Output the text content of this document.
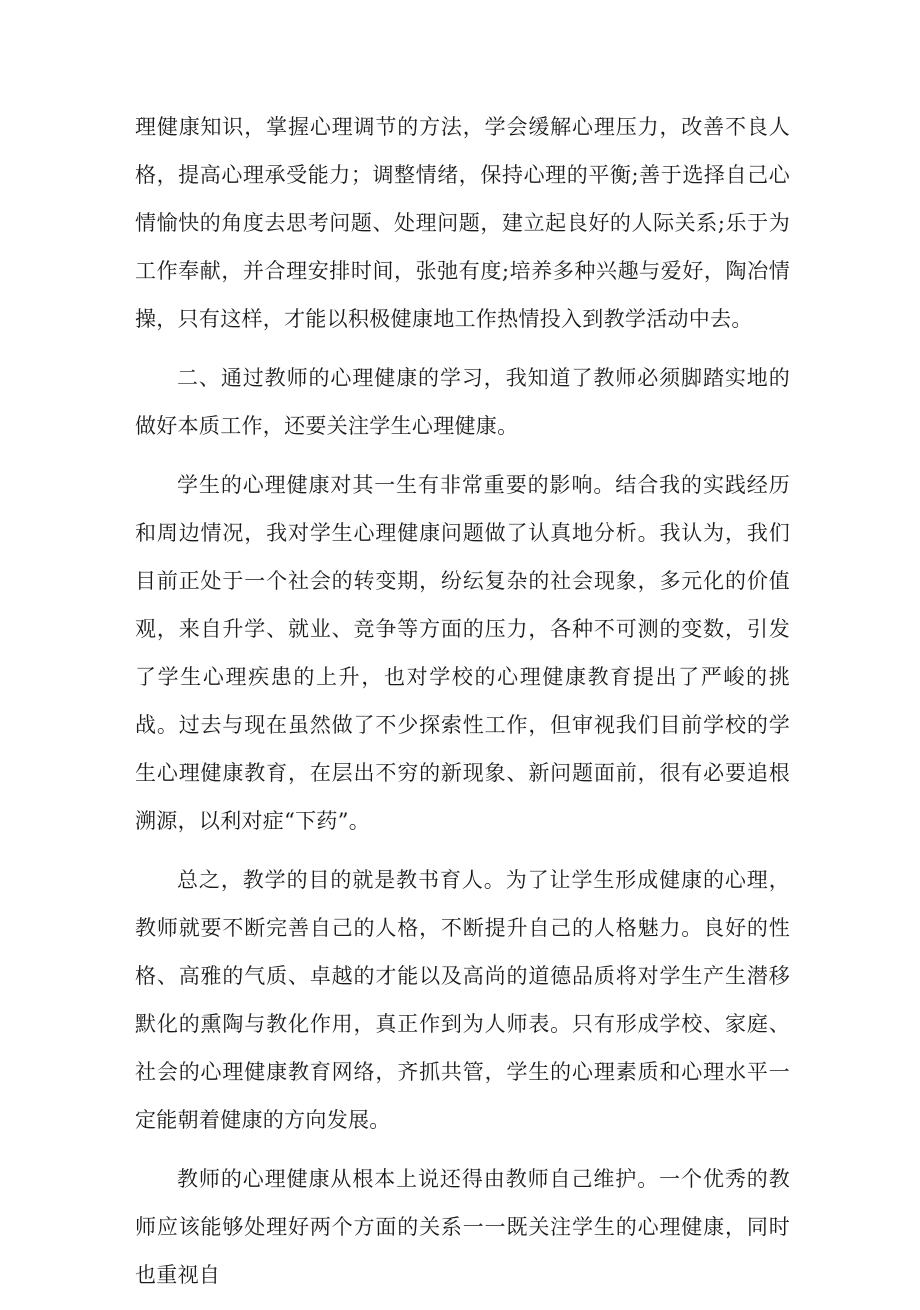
理健康知识，掌握心理调节的方法，学会缓解心理压力，改善不良人格，提高心理承受能力；调整情绪，保持心理的平衡;善于选择自己心情愉快的角度去思考问题、处理问题，建立起良好的人际关系;乐于为工作奉献，并合理安排时间，张弛有度;培养多种兴趣与爱好，陶冶情操，只有这样，才能以积极健康地工作热情投入到教学活动中去。

二、通过教师的心理健康的学习，我知道了教师必须脚踏实地的做好本质工作，还要关注学生心理健康。

学生的心理健康对其一生有非常重要的影响。结合我的实践经历和周边情况，我对学生心理健康问题做了认真地分析。我认为，我们目前正处于一个社会的转变期，纷纭复杂的社会现象，多元化的价值观，来自升学、就业、竞争等方面的压力，各种不可测的变数，引发了学生心理疾患的上升，也对学校的心理健康教育提出了严峻的挑战。过去与现在虽然做了不少探索性工作，但审视我们目前学校的学生心理健康教育，在层出不穷的新现象、新问题面前，很有必要追根溯源，以利对症“下药”。

总之，教学的目的就是教书育人。为了让学生形成健康的心理，教师就要不断完善自己的人格，不断提升自己的人格魅力。良好的性格、高雅的气质、卓越的才能以及高尚的道德品质将对学生产生潜移默化的熏陶与教化作用，真正作到为人师表。只有形成学校、家庭、社会的心理健康教育网络，齐抓共管，学生的心理素质和心理水平一定能朝着健康的方向发展。

教师的心理健康从根本上说还得由教师自己维护。一个优秀的教师应该能够处理好两个方面的关系一一既关注学生的心理健康，同时也重视自
